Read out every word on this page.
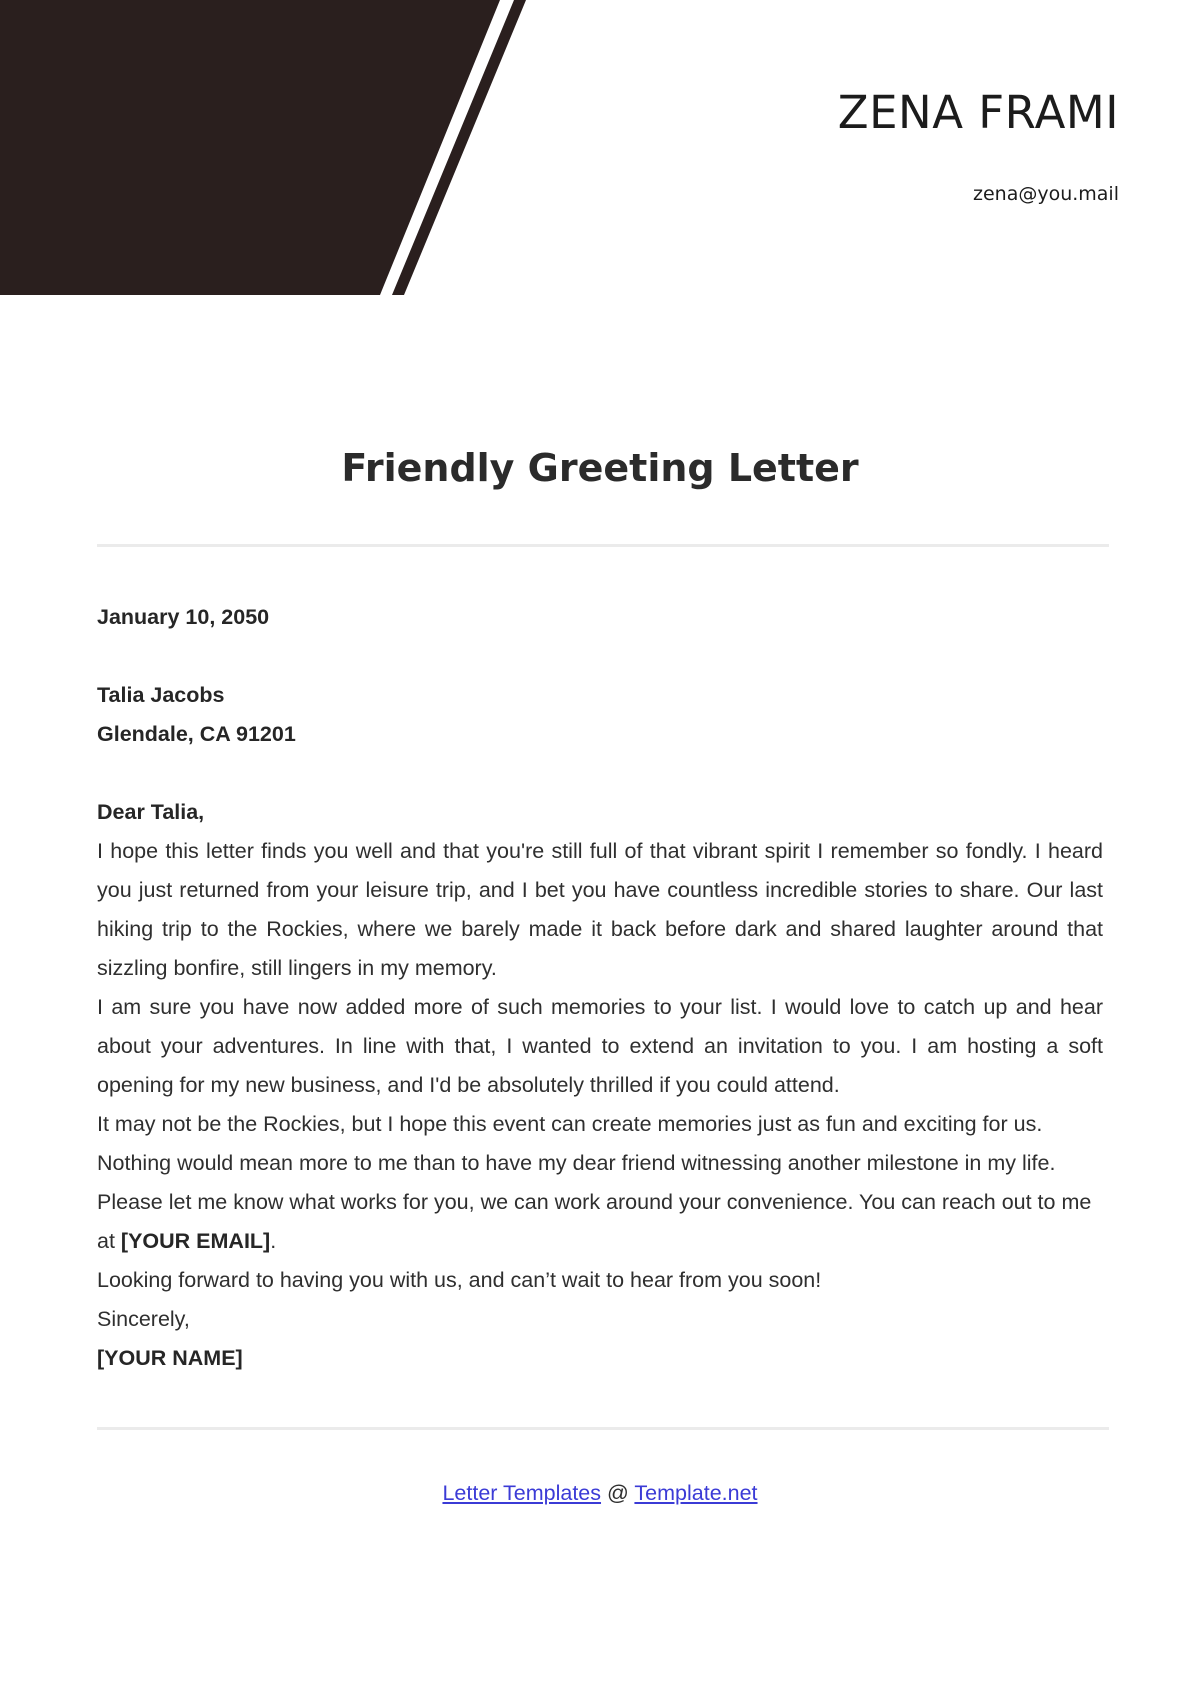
ZENA FRAMI
zena@you.mail
Friendly Greeting Letter
January 10, 2050
Talia Jacobs
Glendale, CA 91201

Dear Talia,

I hope this letter finds you well and that you're still full of that vibrant spirit I remember so fondly. I heard you just returned from your leisure trip, and I bet you have countless incredible stories to share. Our last hiking trip to the Rockies, where we barely made it back before dark and shared laughter around that sizzling bonfire, still lingers in my memory.

I am sure you have now added more of such memories to your list. I would love to catch up and hear about your adventures. In line with that, I wanted to extend an invitation to you. I am hosting a soft opening for my new business, and I'd be absolutely thrilled if you could attend.

It may not be the Rockies, but I hope this event can create memories just as fun and exciting for us. Nothing would mean more to me than to have my dear friend witnessing another milestone in my life. Please let me know what works for you, we can work around your convenience. You can reach out to me at [YOUR EMAIL].

Looking forward to having you with us, and can’t wait to hear from you soon!

Sincerely,

[YOUR NAME]

Letter Templates @ Template.net
